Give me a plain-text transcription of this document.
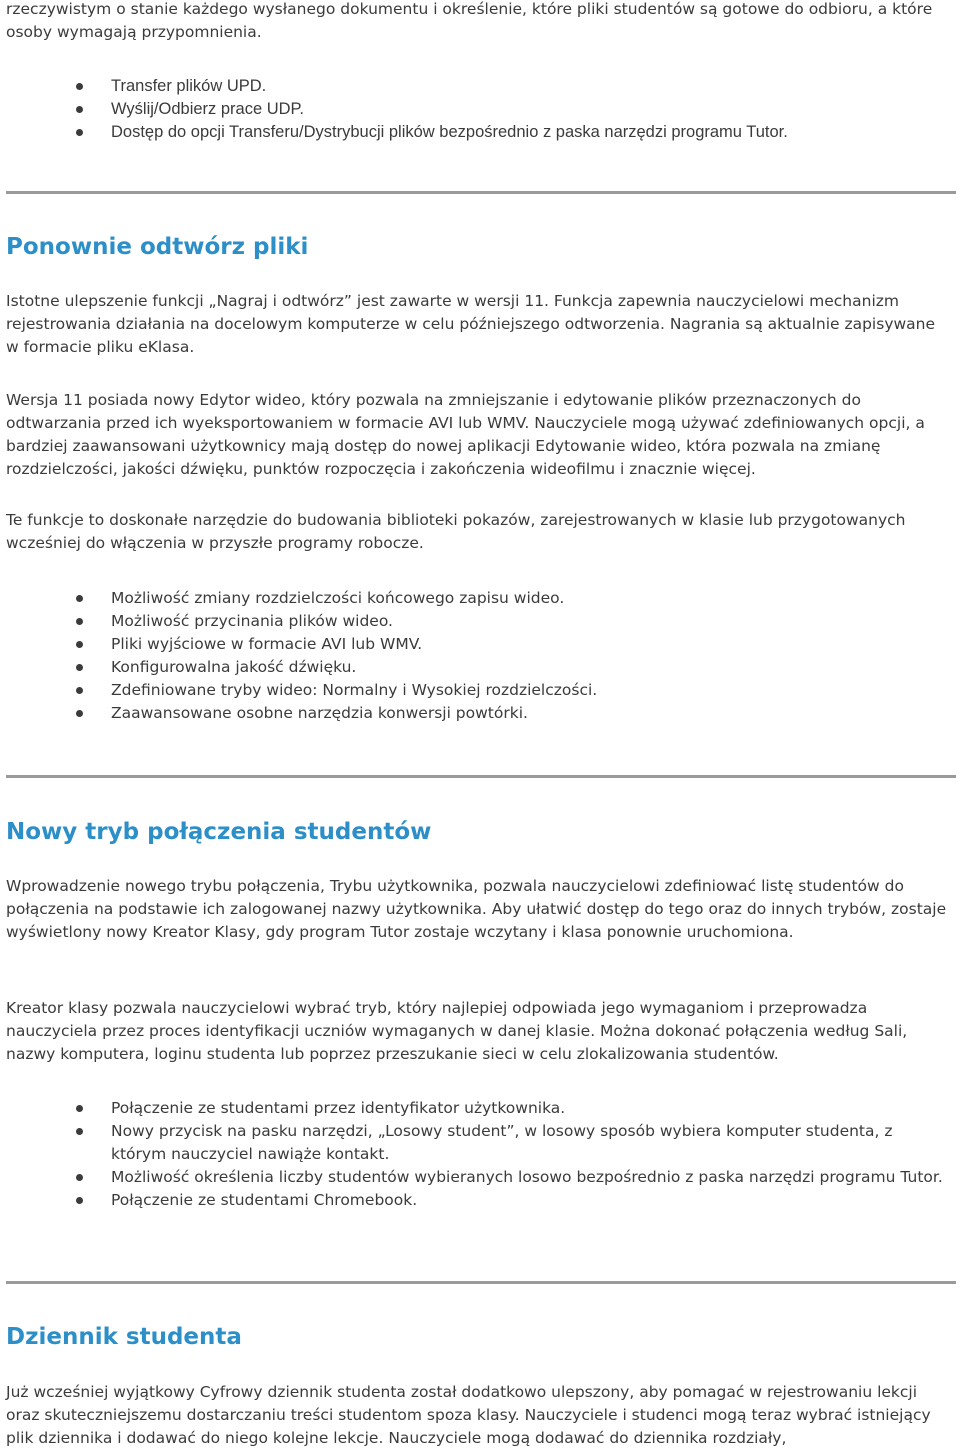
rzeczywistym o stanie każdego wysłanego dokumentu i określenie, które pliki studentów są gotowe do odbioru, a które osoby wymagają przypomnienia.

Transfer plików UPD.
Wyślij/Odbierz prace UDP.
Dostęp do opcji Transferu/Dystrybucji plików bezpośrednio z paska narzędzi programu Tutor.
Ponownie odtwórz pliki

Istotne ulepszenie funkcji „Nagraj i odtwórz” jest zawarte w wersji 11. Funkcja zapewnia nauczycielowi mechanizm rejestrowania działania na docelowym komputerze w celu późniejszego odtworzenia. Nagrania są aktualnie zapisywane w formacie pliku eKlasa.

Wersja 11 posiada nowy Edytor wideo, który pozwala na zmniejszanie i edytowanie plików przeznaczonych do odtwarzania przed ich wyeksportowaniem w formacie AVI lub WMV. Nauczyciele mogą używać zdefiniowanych opcji, a bardziej zaawansowani użytkownicy mają dostęp do nowej aplikacji Edytowanie wideo, która pozwala na zmianę rozdzielczości, jakości dźwięku, punktów rozpoczęcia i zakończenia wideofilmu i znacznie więcej.

Te funkcje to doskonałe narzędzie do budowania biblioteki pokazów, zarejestrowanych w klasie lub przygotowanych wcześniej do włączenia w przyszłe programy robocze.

Możliwość zmiany rozdzielczości końcowego zapisu wideo.
Możliwość przycinania plików wideo.
Pliki wyjściowe w formacie AVI lub WMV.
Konfigurowalna jakość dźwięku.
Zdefiniowane tryby wideo: Normalny i Wysokiej rozdzielczości.
Zaawansowane osobne narzędzia konwersji powtórki.
Nowy tryb połączenia studentów

Wprowadzenie nowego trybu połączenia, Trybu użytkownika, pozwala nauczycielowi zdefiniować listę studentów do połączenia na podstawie ich zalogowanej nazwy użytkownika. Aby ułatwić dostęp do tego oraz do innych trybów, zostaje wyświetlony nowy Kreator Klasy, gdy program Tutor zostaje wczytany i klasa ponownie uruchomiona.

Kreator klasy pozwala nauczycielowi wybrać tryb, który najlepiej odpowiada jego wymaganiom i przeprowadza nauczyciela przez proces identyfikacji uczniów wymaganych w danej klasie. Można dokonać połączenia według Sali, nazwy komputera, loginu studenta lub poprzez przeszukanie sieci w celu zlokalizowania studentów.

Połączenie ze studentami przez identyfikator użytkownika.
Nowy przycisk na pasku narzędzi, „Losowy student”, w losowy sposób wybiera komputer studenta, z którym nauczyciel nawiąże kontakt.
Możliwość określenia liczby studentów wybieranych losowo bezpośrednio z paska narzędzi programu Tutor.
Połączenie ze studentami Chromebook.
Dziennik studenta

Już wcześniej wyjątkowy Cyfrowy dziennik studenta został dodatkowo ulepszony, aby pomagać w rejestrowaniu lekcji oraz skuteczniejszemu dostarczaniu treści studentom spoza klasy. Nauczyciele i studenci mogą teraz wybrać istniejący plik dziennika i dodawać do niego kolejne lekcje. Nauczyciele mogą dodawać do dziennika rozdziały,
